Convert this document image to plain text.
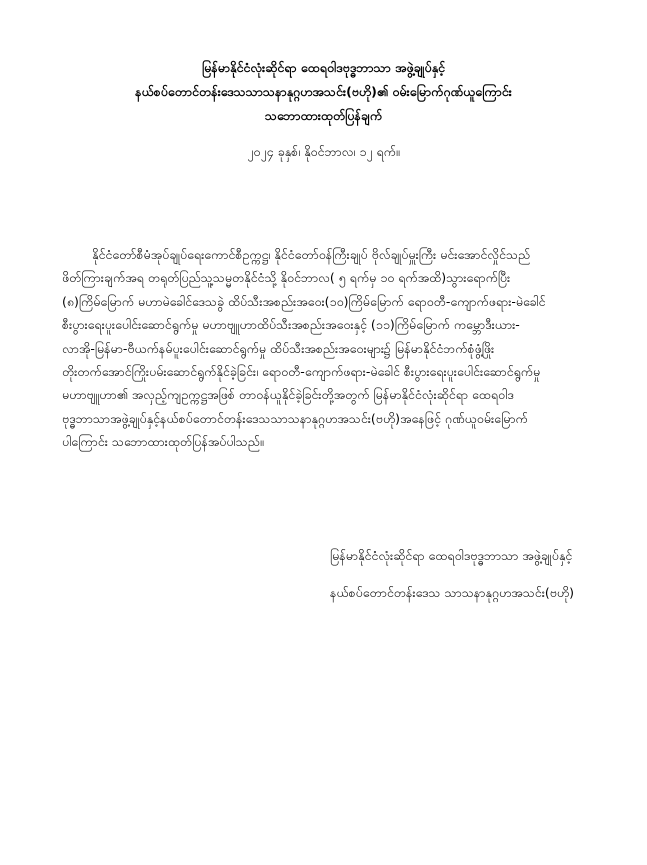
မြန်မာနိုင်ငံလုံးဆိုင်ရာ ထေရဝါဒဗုဒ္ဓဘာသာ အဖွဲ့ချုပ်နှင့်
နယ်စပ်တောင်တန်းဒေသသာသနာနုဂ္ဂဟအသင်း(ဗဟို)၏ ဝမ်းမြောက်ဂုဏ်ယူကြောင်း
သဘောထားထုတ်ပြန်ချက်
၂၀၂၄ ခုနှစ်၊ နိုဝင်ဘာလ၊ ၁၂ ရက်။
နိုင်ငံတော်စီမံအုပ်ချုပ်ရေးကောင်စီဥက္ကဋ္ဌ၊ နိုင်ငံတော်ဝန်ကြီးချုပ် ဗိုလ်ချုပ်မှူးကြီး မင်းအောင်လှိုင်သည်
ဖိတ်ကြားချက်အရ တရုတ်ပြည်သူ့သမ္မတနိုင်ငံသို့ နိုဝင်ဘာလ( ၅ ရက်မှ ၁၀ ရက်အထိ)သွားရောက်ပြီး
(၈)ကြိမ်မြောက် မဟာမဲခေါင်ဒေသခွဲ ထိပ်သီးအစည်းအဝေး(၁၀)ကြိမ်မြောက် ရောဝတီ-ကျောက်ဖရား-မဲခေါင်
စီးပွားရေးပူးပေါင်းဆောင်ရွက်မှု မဟာဗျူဟာထိပ်သီးအစည်းအဝေးနှင့် (၁၁)ကြိမ်မြောက် ကမ္ဘောဒီးယား-
လာအို-မြန်မာ-ဗီယက်နမ်ပူးပေါင်းဆောင်ရွက်မှု ထိပ်သီးအစည်းအဝေးများ၌ မြန်မာနိုင်ငံဘက်စုံဖွံ့ဖြိုး
တိုးတက်အောင်ကြိုးပမ်းဆောင်ရွက်နိုင်ခဲ့ခြင်း၊ ရောဝတီ-ကျောက်ဖရား-မဲခေါင် စီးပွားရေးပူးပေါင်းဆောင်ရွက်မှု
မဟာဗျူဟာ၏ အလှည့်ကျဥက္ကဋ္ဌအဖြစ် တာဝန်ယူနိုင်ခဲ့ခြင်းတို့အတွက် မြန်မာနိုင်ငံလုံးဆိုင်ရာ ထေရဝါဒ
ဗုဒ္ဓဘာသာအဖွဲ့ချုပ်နှင့်နယ်စပ်တောင်တန်းဒေသသာသနာနုဂ္ဂဟအသင်း(ဗဟို)အနေဖြင့် ဂုဏ်ယူဝမ်းမြောက်
ပါကြောင်း သဘောထားထုတ်ပြန်အပ်ပါသည်။
မြန်မာနိုင်ငံလုံးဆိုင်ရာ ထေရဝါဒဗုဒ္ဓဘာသာ အဖွဲ့ချုပ်နှင့်
နယ်စပ်တောင်တန်းဒေသ သာသနာနုဂ္ဂဟအသင်း(ဗဟို)
